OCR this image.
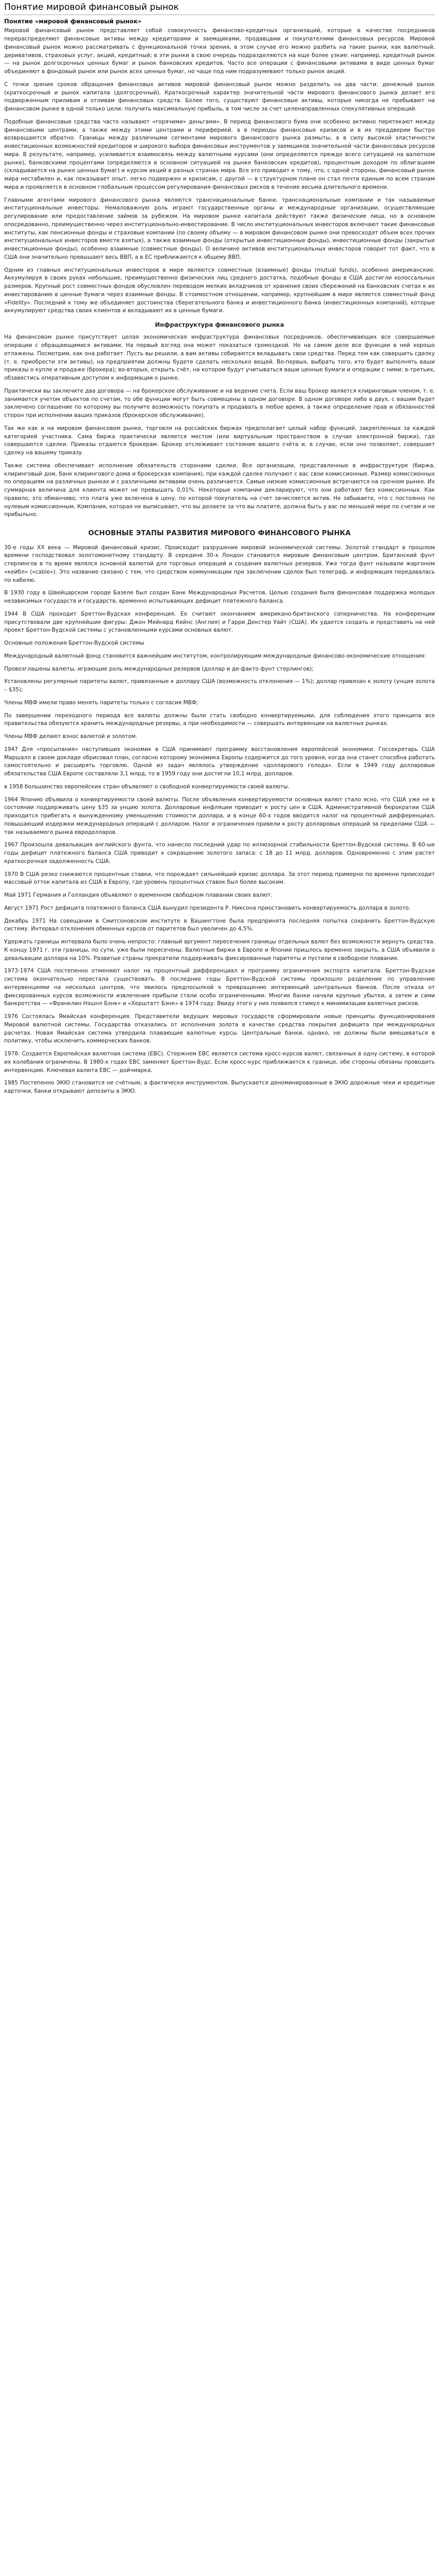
Понятие мировой финансовый рынок
Понятие «мировой финансовый рынок»

Мировой финансовый рынок представляет собой совокупность финансово-кредитных организаций, которые в качестве посредников перераспределяют финансовые активы между кредиторами и заемщиками, продавцами и покупателями финансовых ресурсов. Мировой финансовый рынок можно рассматривать с функциональной точки зрения, в этом случае его можно разбить на такие рынки, как валютный, деривативов, страховых услуг, акций, кредитный; в эти рынки в свою очередь подразделяются на еще более узкие: например, кредитный рынок — на рынок долгосрочных ценных бумаг и рынок банковских кредитов. Часто все операции с финансовыми активами в виде ценных бумаг объединяют в фондовый рынок или рынок всех ценных бумаг, но чаще под ним подразумевают только рынок акций.

С точки зрения сроков обращения финансовых активов мировой финансовый рынок можно разделить на два части: денежный рынок (краткосрочный и рынок капитала (долгосрочный). Краткосрочный характер значительной части мирового финансового рынка делает его подверженным приливам и отливам финансовых средств. Более того, существуют финансовые активы, которые никогда не пребывают на финансовом рынке в одной только цели: получить максимальную прибыль, в том числе за счет целенаправленных спекулятивных операций.

Подобные финансовые средства часто называют «горячими» деньгами». В период финансового бума они особенно активно перетекают между финансовыми центрами, а также между этими центрами и периферией, а в периоды финансовых кризисов и в их преддверии быстро возвращаются обратно. Границы между различными сегментами мирового финансового рынка размыты, а в силу высокой эластичности инвестиционных возможностей кредиторов и широкого выбора финансовых инструментов у заемщиков значительной части финансовых ресурсов мира. В результате, например, усиливается взаимосвязь между валютными курсами (они определяются прежде всего ситуацией на валютном рынке), банковскими процентами (определяются в основном ситуацией на рынке банковских кредитов), процентным доходом по облигациям (складывается на рынке ценных бумаг) и курсом акций в разных странах мира. Все это приводит к тому, что, с одной стороны, финансовый рынок мира нестабилен и, как показывает опыт, легко подвержен и кризисам, с другой — в структурном плане он стал почти единым по всем странам мира и проявляется в основном глобальным процессом регулирования финансовых рисков в течение весьма длительного времени.

Главными агентами мирового финансового рынка являются транснациональные банки, транснациональные компании и так называемые институциональные инвесторы. Немаловажную роль играют государственные органы и международные организации, осуществляющие регулирование или предоставление займов за рубежом. На мировом рынке капитала действуют также физические лица, но в основном опосредованно, преимущественно через институционально-инвестирование. В число институциональных инвесторов включают такие финансовые институты, как пенсионные фонды и страховые компании (по своему объему — в мировом финансовом рынке они превосходят объем всех прочих институциональных инвесторов вместе взятых), а также взаимные фонды (открытые инвестиционные фонды), инвестиционные фонды (закрытые инвестиционные фонды), особенно взаимные (совместные фонды). О величине активов институциональных инвесторов говорит тот факт, что в США они значительно превышают весь ВВП, а в ЕС приближаются к общему ВВП.

Одним из главных институциональных инвесторов в мире являются совместные (взаимные) фонды (mutual funds), особенно американские. Аккумулируя в своих руках небольшие, преимущественно физических лиц среднего достатка, подобные фонды в США достигли колоссальных размеров. Крупный рост совместных фондов обусловлен переводом мелких вкладчиков от хранения своих сбережений на банковских счетах к их инвестированию в ценные бумаги через взаимные фонды. В стоимостном отношении, например, крупнейшим в мире является совместный фонд «Fidelity». Последний к тому же объединяет достоинства сберегательного банка и инвестиционного банка (инвестиционных компаний), которые аккумулируют средства своих клиентов и вкладывают их в ценные бумаги.

Инфраструктура финансового рынка

На финансовом рынке присутствует целая экономическая инфраструктура финансовых посредников, обеспечивающих все совершаемые операции с обращающимися активами. На первый взгляд она может показаться громоздкой. Но на самом деле все функции в ней хорошо отлажены. Посмотрим, как она работает. Пусть вы решили, а вам активы собираются вкладывать свои средства. Перед тем как совершить сделку (т. е. приобрести эти активы), на предприятии должны будете сделать несколько вещей. Во-первых, выбрать того, кто будет выполнять ваши приказы о купле и продаже (брокера); во-вторых, открыть счёт, на котором будут учитываться ваши ценные бумаги и операции с ними; в-третьих, обзавестись оперативным доступом к информации о рынке.

Практически вы заключите два договора — на брокерское обслуживание и на ведение счета. Если ваш брокер является клиринговым членом, т. е. занимается учетом объектов по счетам, то обе функции могут быть совмещены в одном договоре. В одном договоре либо в двух, с вашим будет заключено соглашение по которому вы получите возможность покупать и продавать в любое время, а также определение прав и обязанностей сторон при исполнении ваших приказов (брокерское обслуживание).

Так же как и на мировом финансовом рынке, торговля на российских биржах предполагает целый набор функций, закрепленных за каждой категорией участника. Сама биржа практически является местом (или виртуальным пространством в случае электронной биржи), где совершаются сделки. Приказы отдаются брокерам. Брокер отслеживает состояние вашего счёта и, в случае, если оно позволяет, совершает сделку на вашему приказу.

Также система обеспечивает исполнение обязательств сторонами сделки. Все организации, представленные в инфраструктуре (биржа, клиринговый дом, банк клирингового дома и брокерская компания), при каждой сделке получают с вас свои комиссионные. Размер комиссионных по операциям на различных рынках и с различными активами очень различается. Самые низкие комиссионные встречаются на срочном рынке. Их суммарная величина для клиента может не превышать 0,01%. Некоторые компании декларируют, что они работают без комиссионных. Как правило, это обманчиво, что плата уже включена в цену, по которой покупатель на счет зачисляется актив. Не забываете, что с постоянно по нулевым комиссионным, Компания, которая не выписывает, что вы делаете за что вы платите, должна быть у вас по меньшей мере по счетам и не прибыльно.

ОСНОВНЫЕ ЭТАПЫ РАЗВИТИЯ МИРОВОГО ФИНАНСОВОГО РЫНКА

30-е годы XX века — Мировой финансовый кризис. Происходит разрушение мировой экономической системы. Золотой стандарт в прошлом времени господствовал золотомонетному стандарту. В середине 30-х Лондон становится мировым финансовым центром. Британский фунт стерлингов в то время являлся основной валютой для торговых операций и создания валютных резервов. Уже тогда фунт называли жаргоном «кейбл» («cable»). Это название связано с тем, что средством коммуникации при заключении сделок был телеграф, и информация передавалась по кабелю.

В 1930 году в Швейцарском городе Базеле был создан Банк Международных Расчетов. Целью создания была финансовая поддержка молодых независимых государств и государств, временно испытывающих дефицит платежного баланса.

1944 В США проходит Бреттон-Вудская конференция. Ее считают окончанием американо-британского соперничества. На конференции присутствовали две крупнейшие фигуры: Джон Мейнард Кейнс (Англия) и Гарри Декстер Уайт (США). Их удается создать и представить на ней проект Бреттон-Вудской системы с установленными курсами основных валют.

Основные положения Бреттон-Вудской системы

Международный валютный фонд становится важнейшим институтом, контролирующим международные финансово-экономические отношения:

Провозглашены валюты, играющие роль международных резервов (доллар и де-факто фунт стерлингов);

Установлены регулярные паритеты валют, привязанные к доллару США (возможность отклонения — 1%); доллар привязан к золоту (унция золота – $35);

Члены МВФ имели право менять паритеты только с согласия МВФ;

По завершении переходного периода все валюты должны были стать свободно конвертируемыми, для соблюдения этого принципа все правительства обязуются хранить международные резервы, а при необходимости — совершать интервенции на валютных рынках.

Члены МВФ делают взнос валютой и золотом.

1947 Для «просыпания» наступивших экономик в США принимают программу восстановления европейской экономики. Госсекретарь США Маршалл в своем докладе обрисовал план, согласно которому экономика Европы содержится до того уровня, когда она станет способна работать самостоятельно и расширять торговлю. Одной из задач являлось утверждение «долларового голода». Если в 1949 году долларовые обязательства США Европе составляли 3,1 млрд, то в 1959 году они достигли 10,1 млрд. долларов.

в 1958 большинство европейских стран объявляют о свободной конвертируемости своей валюты.

1964 Японию объявила о конвертируемости своей валюты. После объявления конвертируемости основных валют стало ясно, что США уже не в состоянии поддерживать цену $35 за унцию золота. Долларовые инфляции приводит к росту цен в США. Административной бюрократии США приходится прибегать к вынужденному уменьшению стоимости доллара, и в конце 60-х годов вводится налог на процентный дифференциал, повышающий издержки международных операций с долларом. Налог и ограничения привели к росту долларовых операций за пределами США — так называемого рынка евродолларов.

1967 Произошла девальвация английского фунта, что нанесло последний удар по иллюзорной стабильности Бреттон-Вудской системы. В 60-ые годы дефицит платежного баланса США приводит к сокращению золотого запаса: с 18 до 11 млрд. долларов. Одновременно с этим растет краткосрочная задолженность США.

1970 В США резко снижаются процентные ставки, что порождает сильнейший кризис доллара. За этот период примерно по времени происходит массовый отток капитала из США в Европу, где уровень процентных ставок был более высоким.

Май 1971 Германия и Голландия объявляют о временном свободном плавании своих валют.

Август 1971 Рост дефицита платежного баланса США вынудил президента Р. Никсона приостановить конвертируемость доллара в золото.

Декабрь 1971 На совещании в Смитсоновском институте в Вашингтоне была предпринята последняя попытка сохранить Бреттон-Вудскую систему. Интервал отклонения обменных курсов от паритетов был увеличен до 4,5%.

Удержать границы интервала было очень непросто: главный аргумент пересечения границы отдельных валют без возможности вернуть средства. К концу 1971 г. эти границы, по сути, уже были пересечены. Валютные биржи в Европе и Японии пришлось временно закрыть, а США объявили о девальвации доллара на 10%. Развитые страны прекратили поддерживать фиксированные паритеты и пустили в свободное плавание.

1973-1974 США постепенно отменяют налог на процентный дифференциал и программу ограничения экспорта капитала. Бреттон-Вудская система окончательно перестала существовать. В последние годы Бреттон-Вудской системы произошло разделение по управлению интервенциями на несколько центров, что явилось предпосылкой к превращению интервенций центральных банков. После отказа от фиксированных курсов возможности извлечения прибыли стали особо ограниченными. Многие банки начали крупные убытки, а затем и сами банкротства — «Франклин Нэшнл Бэнк» и «Херштатт Бэнк» в 1974 году. Ввиду этого у них появился стимул к минимизации валютных рисков.

1976 Состоялась Ямайская конференция. Представители ведущих мировых государств сформировали новые принципы функционирования Мировой валютной системы. Государства отказались от исполнения золота в качестве средства покрытия дефицита при международных расчетах. Новая Ямайская система утвердила плавающие валютные курсы. Центральные банки, однако, не должны были вмешиваться в политику, чтобы исключить коммерческих банков.

1978: Создается Европейская валютная система (ЕВС). Стержнем ЕВС является система кросс-курсов валют, связанных в одну систему, в которой их колебания ограничены. В 1980-х годах ЕВС заменяет Бреттон-Вудс. Если кросс-курс приближается к границе, обе стороны обязаны проводить интервенцию. Ключевая валюта ЕВС — дойчмарка.

1985 Постепенно ЭКЮ становится не счётным, а фактически инструментом. Выпускается деноминированные в ЭКЮ дорожные чеки и кредитные карточки, банки открывают депозиты в ЭКЮ.
